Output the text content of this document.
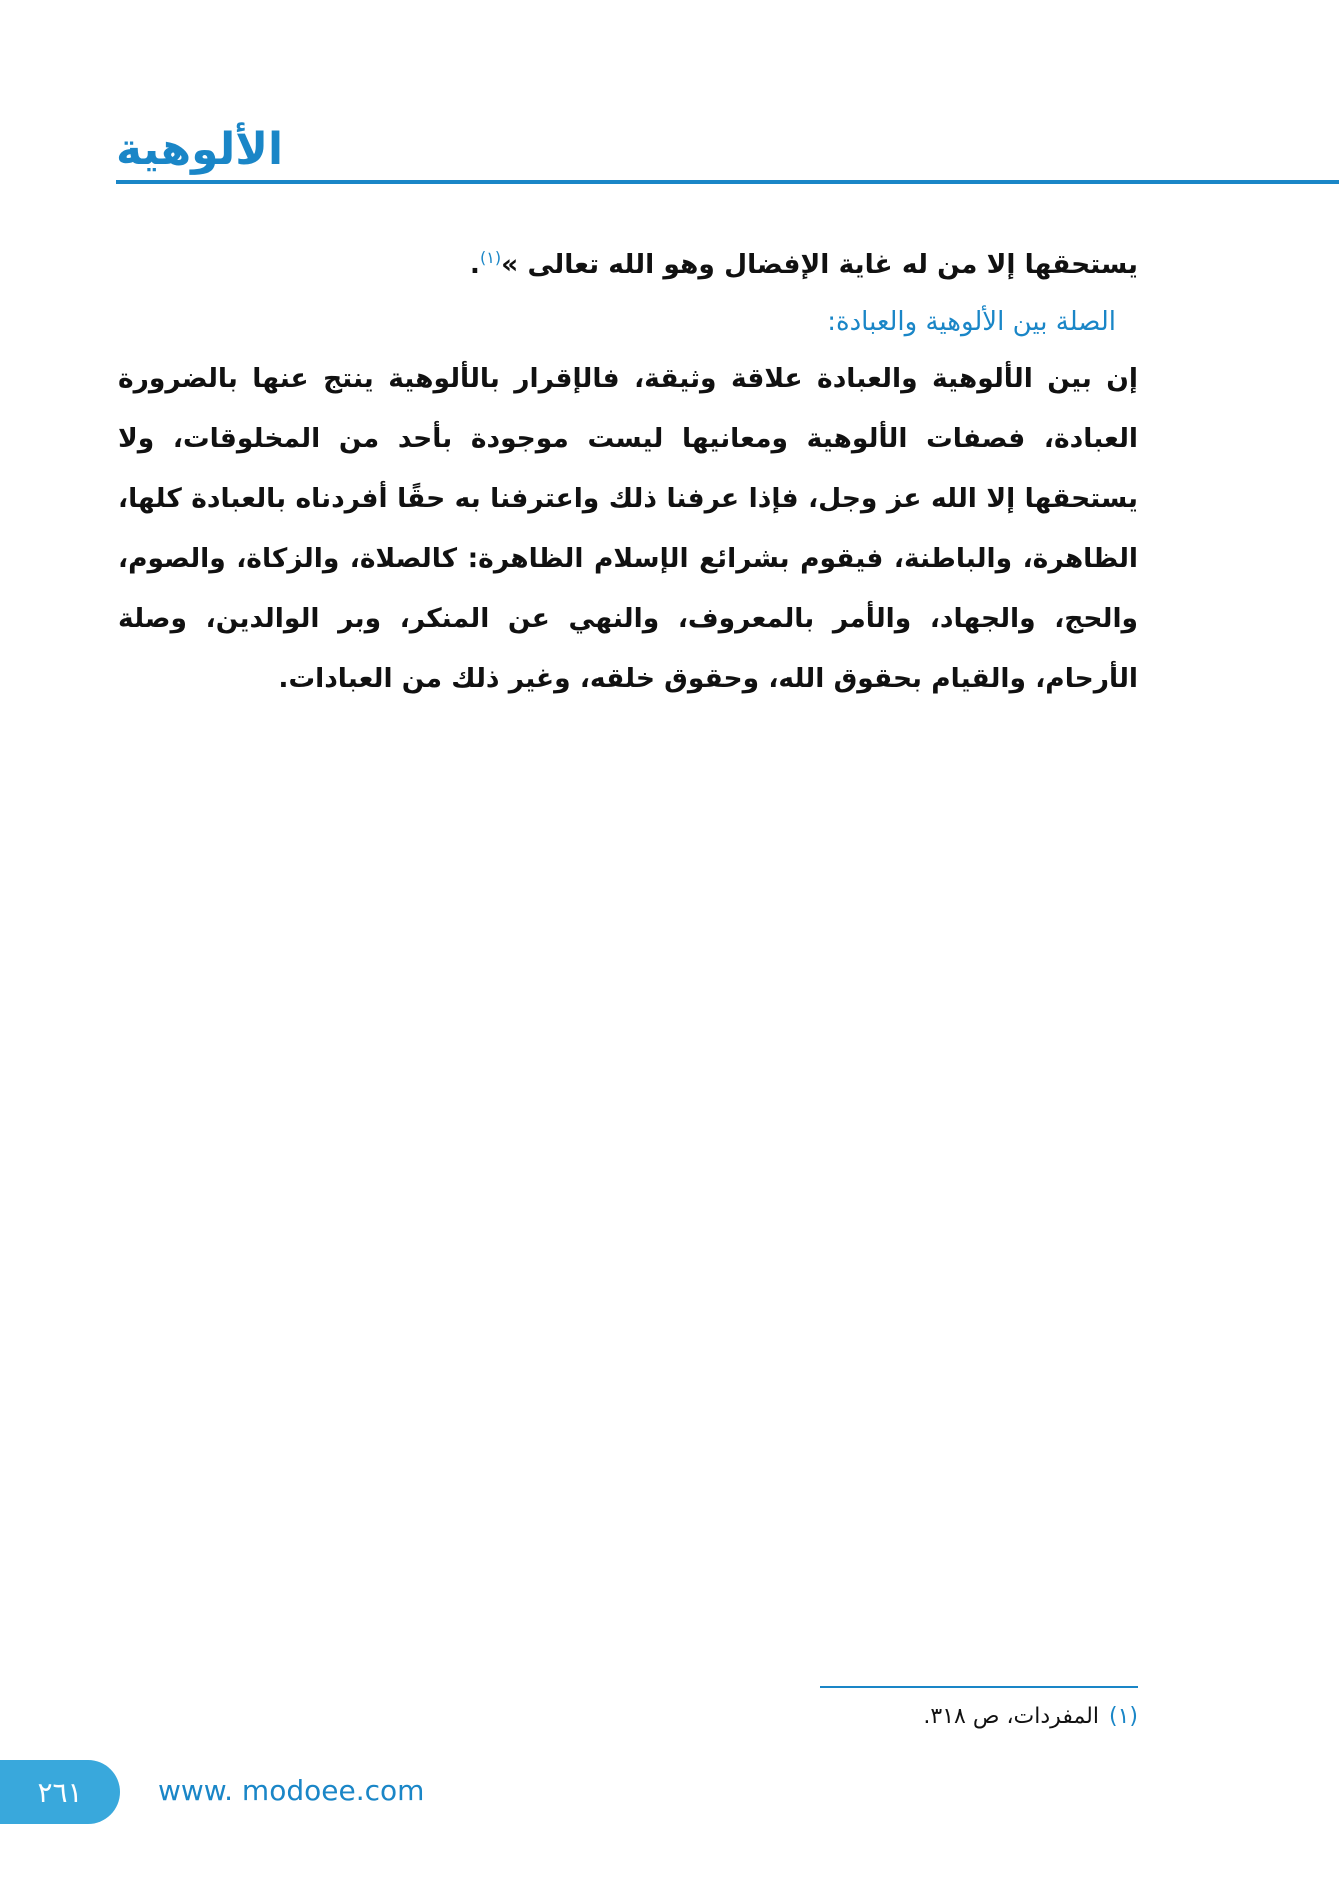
الألوهية

يستحقها إلا من له غاية الإفضال وهو الله تعالى »$^{(١)}$.

الصلة بين الألوهية والعبادة:

إن بين الألوهية والعبادة علاقة وثيقة، فالإقرار بالألوهية ينتج عنها بالضرورة العبادة، فصفات الألوهية ومعانيها ليست موجودة بأحد من المخلوقات، ولا يستحقها إلا الله عز وجل، فإذا عرفنا ذلك واعترفنا به حقًا أفردناه بالعبادة كلها، الظاهرة، والباطنة، فيقوم بشرائع الإسلام الظاهرة: كالصلاة، والزكاة، والصوم، والحج، والجهاد، والأمر بالمعروف، والنهي عن المنكر، وبر الوالدين، وصلة الأرحام، والقيام بحقوق الله، وحقوق خلقه، وغير ذلك من العبادات.

(١)المفردات، ص ٣١٨.
٢٦١	www. modoee.com
